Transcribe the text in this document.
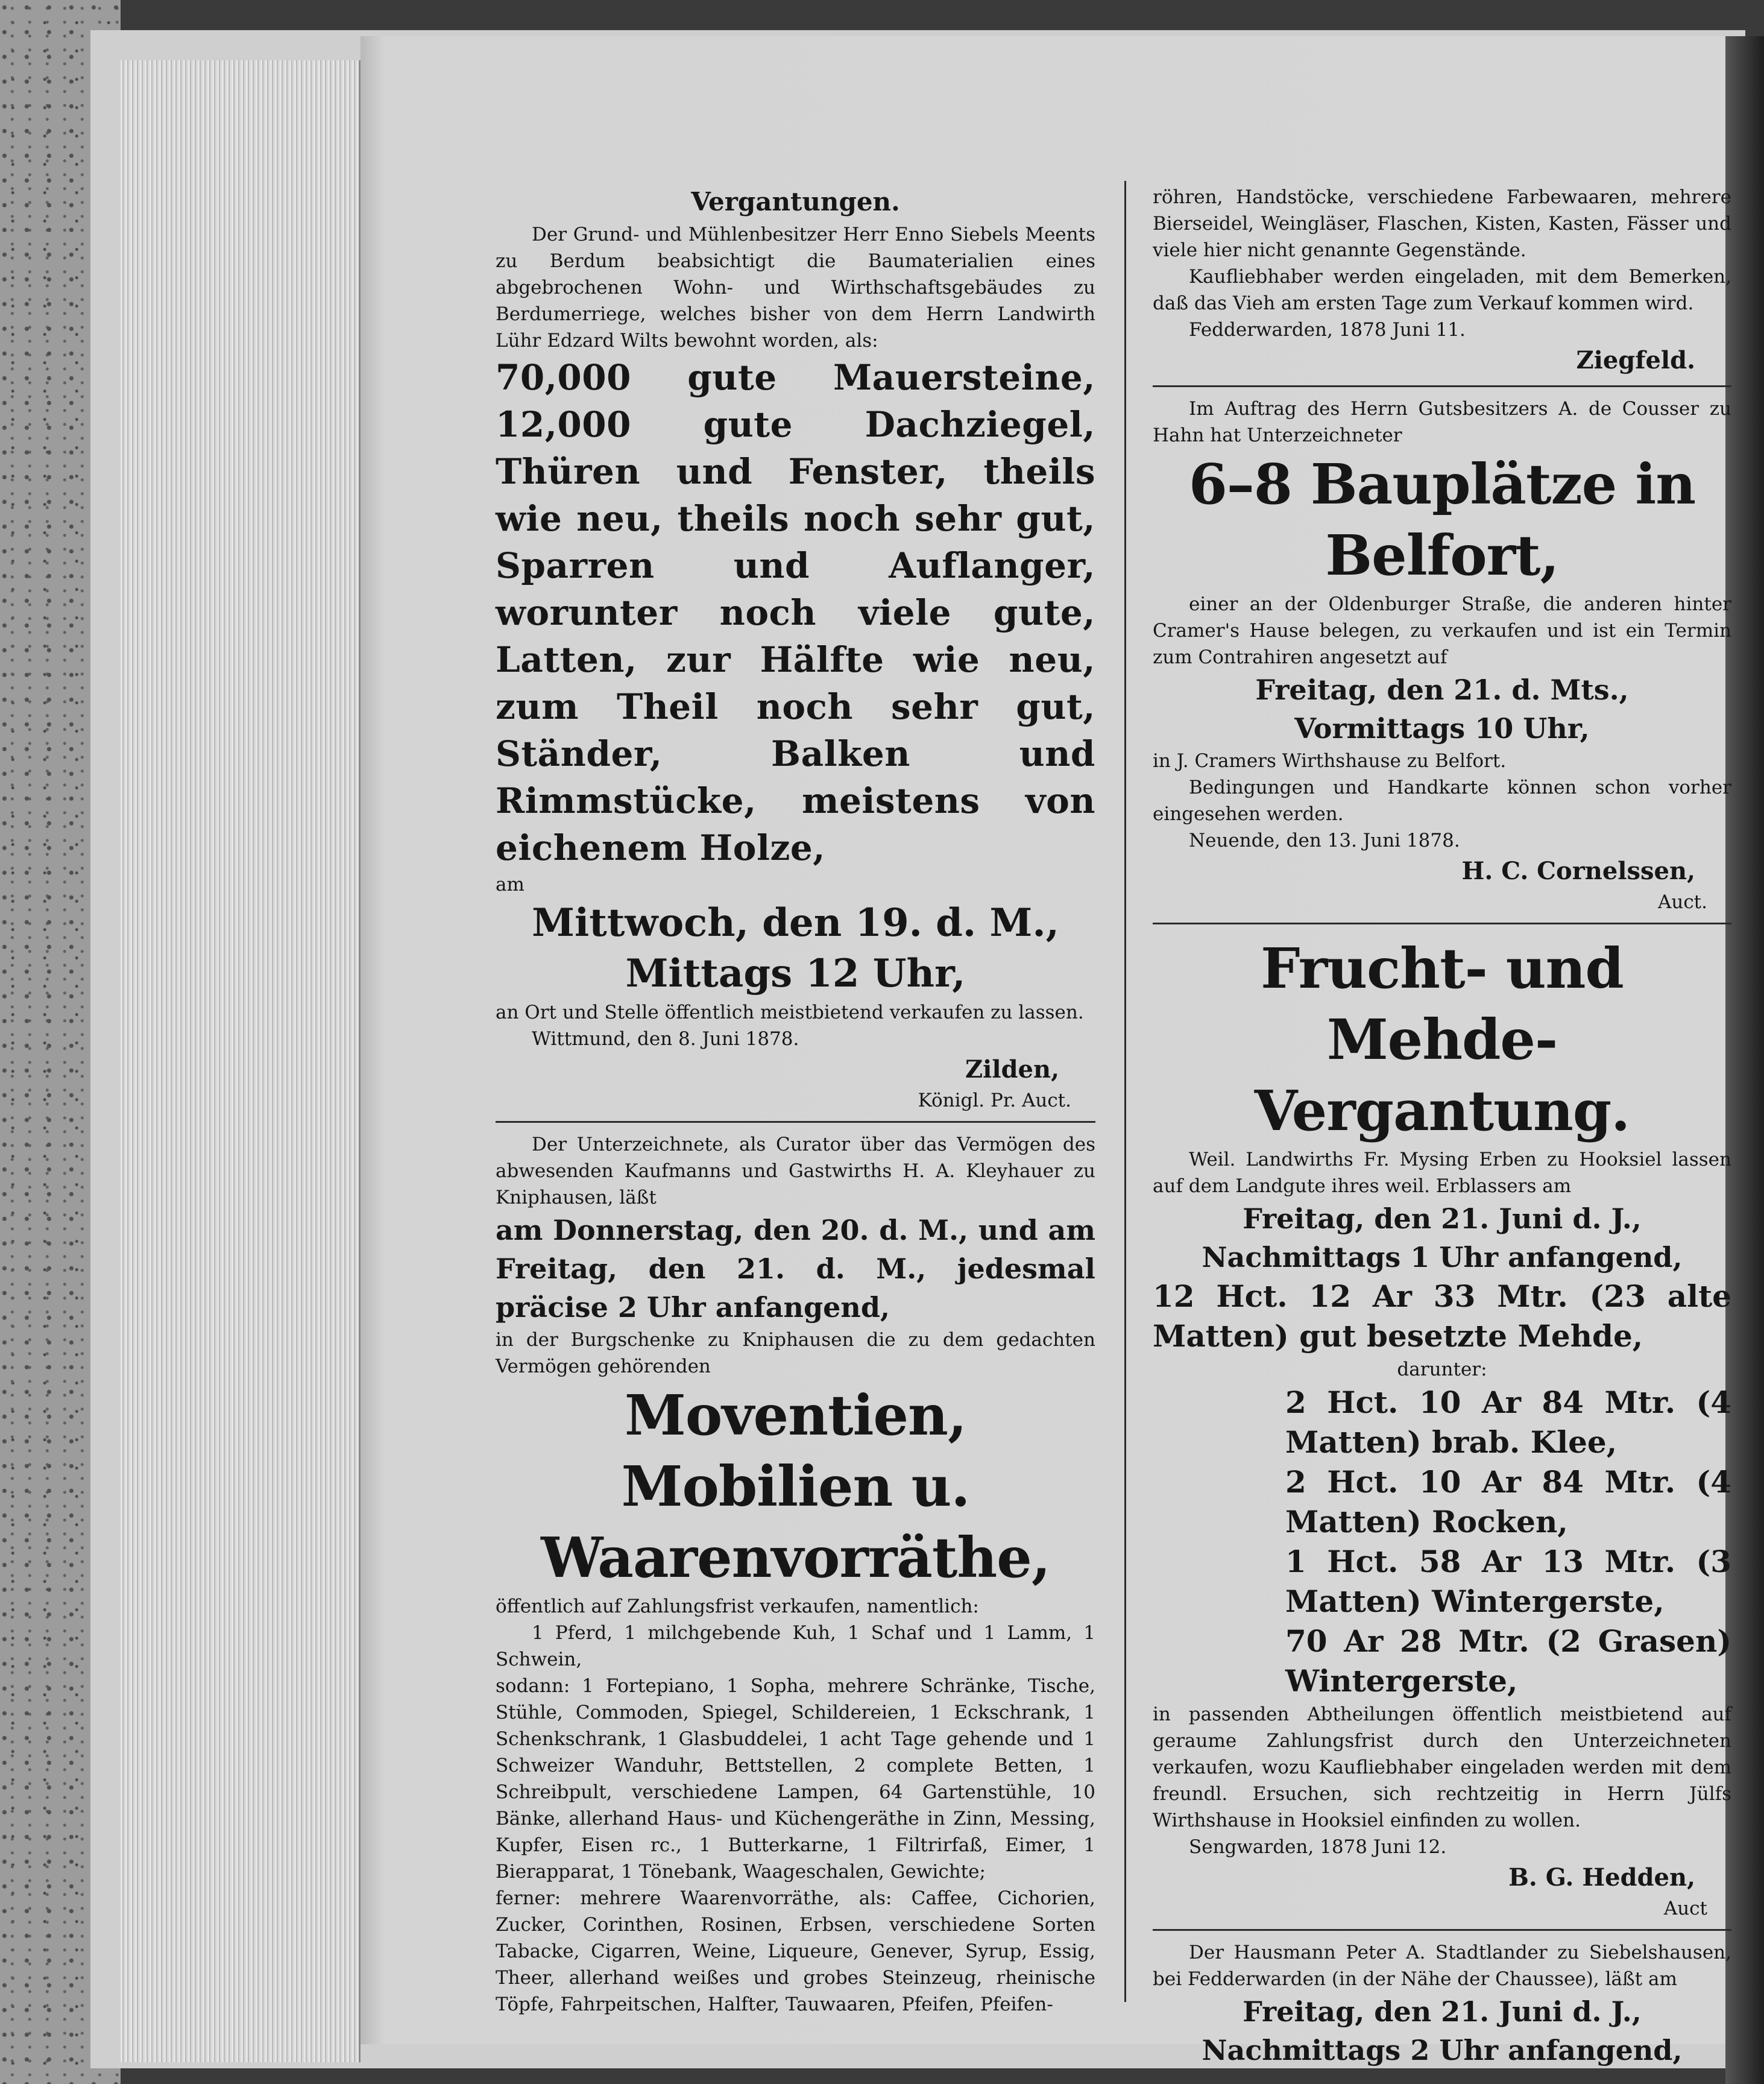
Vergantungen.

Der Grund- und Mühlenbesitzer Herr Enno Siebels Meents zu Berdum beabsichtigt die Baumaterialien eines abgebrochenen Wohn- und Wirthschaftsgebäudes zu Berdumerriege, welches bisher von dem Herrn Landwirth Lühr Edzard Wilts bewohnt worden, als:

70,000 gute Mauersteine, 12,000 gute Dachziegel, Thüren und Fenster, theils wie neu, theils noch sehr gut, Sparren und Auflanger, worunter noch viele gute, Latten, zur Hälfte wie neu, zum Theil noch sehr gut, Ständer, Balken und Rimmstücke, meistens von eichenem Holze,

am

Mittwoch, den 19. d. M.,
Mittags 12 Uhr,

an Ort und Stelle öffentlich meistbietend verkaufen zu lassen.

Wittmund, den 8. Juni 1878.

Zilden,
Königl. Pr. Auct.

Der Unterzeichnete, als Curator über das Vermögen des abwesenden Kaufmanns und Gastwirths H. A. Kleyhauer zu Kniphausen, läßt

am Donnerstag, den 20. d. M., und am Freitag, den 21. d. M., jedesmal präcise 2 Uhr anfangend,

in der Burgschenke zu Kniphausen die zu dem gedachten Vermögen gehörenden

Moventien, Mobilien u. Waarenvorräthe,

öffentlich auf Zahlungsfrist verkaufen, namentlich:

1 Pferd, 1 milchgebende Kuh, 1 Schaf und 1 Lamm, 1 Schwein,

sodann: 1 Fortepiano, 1 Sopha, mehrere Schränke, Tische, Stühle, Commoden, Spiegel, Schildereien, 1 Eckschrank, 1 Schenkschrank, 1 Glasbuddelei, 1 acht Tage gehende und 1 Schweizer Wanduhr, Bettstellen, 2 complete Betten, 1 Schreibpult, verschiedene Lampen, 64 Gartenstühle, 10 Bänke, allerhand Haus- und Küchengeräthe in Zinn, Messing, Kupfer, Eisen rc., 1 Butterkarne, 1 Filtrirfaß, Eimer, 1 Bierapparat, 1 Tönebank, Waageschalen, Gewichte;

ferner: mehrere Waarenvorräthe, als: Caffee, Cichorien, Zucker, Corinthen, Rosinen, Erbsen, verschiedene Sorten Tabacke, Cigarren, Weine, Liqueure, Genever, Syrup, Essig, Theer, allerhand weißes und grobes Steinzeug, rheinische Töpfe, Fahrpeitschen, Halfter, Tauwaaren, Pfeifen, Pfeifen-

röhren, Handstöcke, verschiedene Farbewaaren, mehrere Bierseidel, Weingläser, Flaschen, Kisten, Kasten, Fässer und viele hier nicht genannte Gegenstände.

Kaufliebhaber werden eingeladen, mit dem Bemerken, daß das Vieh am ersten Tage zum Verkauf kommen wird.

Fedderwarden, 1878 Juni 11.

Ziegfeld.

Im Auftrag des Herrn Gutsbesitzers A. de Cousser zu Hahn hat Unterzeichneter

6–8 Bauplätze in Belfort,

einer an der Oldenburger Straße, die anderen hinter Cramer's Hause belegen, zu verkaufen und ist ein Termin zum Contrahiren angesetzt auf

Freitag, den 21. d. Mts.,
Vormittags 10 Uhr,

in J. Cramers Wirthshause zu Belfort.

Bedingungen und Handkarte können schon vorher eingesehen werden.

Neuende, den 13. Juni 1878.

H. C. Cornelssen,
Auct.
Frucht- und Mehde-
Vergantung.

Weil. Landwirths Fr. Mysing Erben zu Hooksiel lassen auf dem Landgute ihres weil. Erblassers am

Freitag, den 21. Juni d. J.,
Nachmittags 1 Uhr anfangend,

12 Hct. 12 Ar 33 Mtr. (23 alte Matten) gut besetzte Mehde,

darunter:

2 Hct. 10 Ar 84 Mtr. (4 Matten) brab. Klee,

2 Hct. 10 Ar 84 Mtr. (4 Matten) Rocken,

1 Hct. 58 Ar 13 Mtr. (3 Matten) Wintergerste,

70 Ar 28 Mtr. (2 Grasen) Wintergerste,

in passenden Abtheilungen öffentlich meistbietend auf geraume Zahlungsfrist durch den Unterzeichneten verkaufen, wozu Kaufliebhaber eingeladen werden mit dem freundl. Ersuchen, sich rechtzeitig in Herrn Jülfs Wirthshause in Hooksiel einfinden zu wollen.

Sengwarden, 1878 Juni 12.

B. G. Hedden,
Auct

Der Hausmann Peter A. Stadtlander zu Siebelshausen, bei Fedderwarden (in der Nähe der Chaussee), läßt am

Freitag, den 21. Juni d. J.,
Nachmittags 2 Uhr anfangend,
